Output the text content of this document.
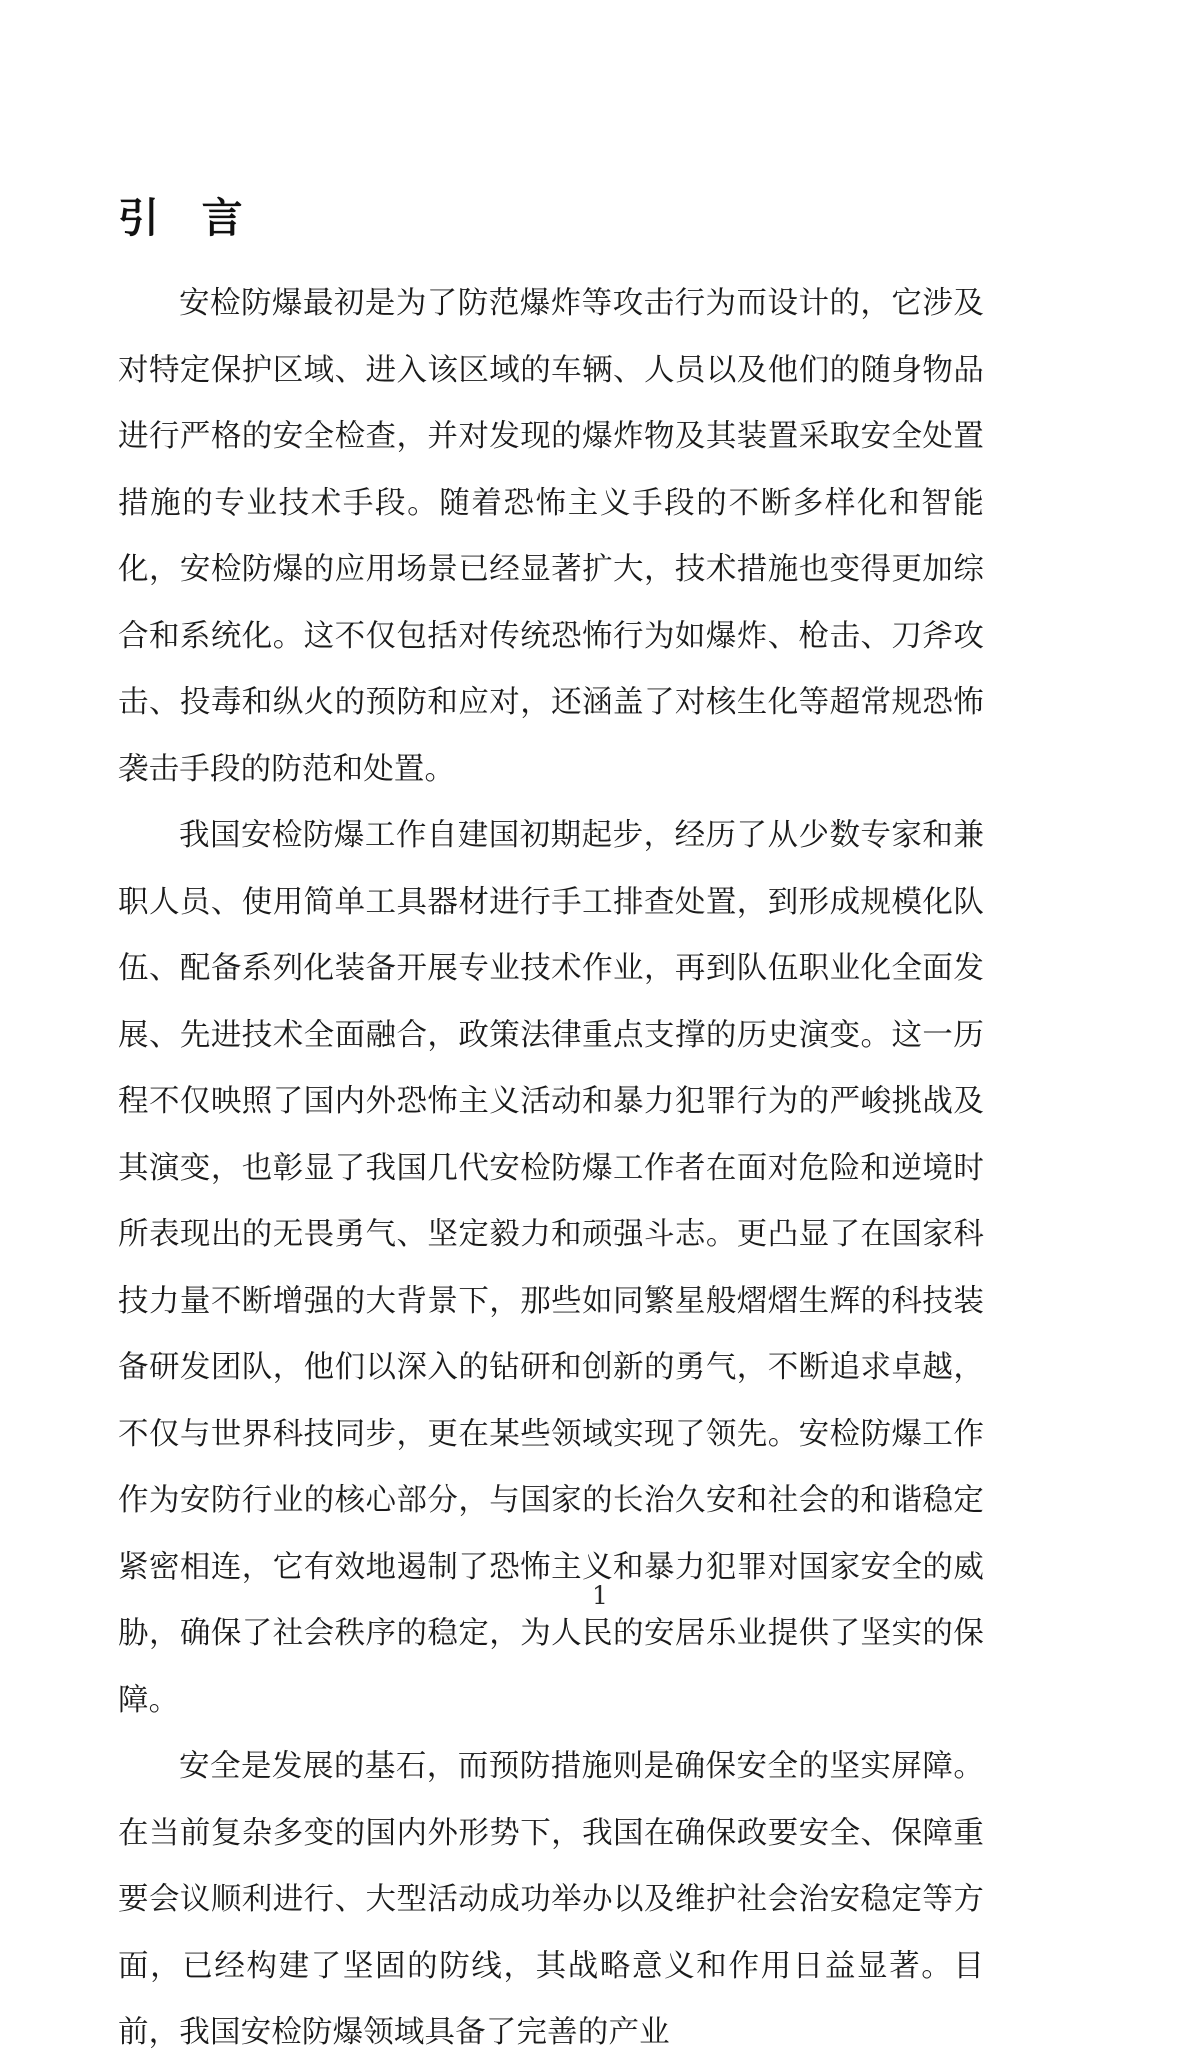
引　言

安检防爆最初是为了防范爆炸等攻击行为而设计的，它涉及对特定保护区域、进入该区域的车辆、人员以及他们的随身物品进行严格的安全检查，并对发现的爆炸物及其装置采取安全处置措施的专业技术手段。随着恐怖主义手段的不断多样化和智能化，安检防爆的应用场景已经显著扩大，技术措施也变得更加综合和系统化。这不仅包括对传统恐怖行为如爆炸、枪击、刀斧攻击、投毒和纵火的预防和应对，还涵盖了对核生化等超常规恐怖袭击手段的防范和处置。

我国安检防爆工作自建国初期起步，经历了从少数专家和兼职人员、使用简单工具器材进行手工排查处置，到形成规模化队伍、配备系列化装备开展专业技术作业，再到队伍职业化全面发展、先进技术全面融合，政策法律重点支撑的历史演变。这一历程不仅映照了国内外恐怖主义活动和暴力犯罪行为的严峻挑战及其演变，也彰显了我国几代安检防爆工作者在面对危险和逆境时所表现出的无畏勇气、坚定毅力和顽强斗志。更凸显了在国家科技力量不断增强的大背景下，那些如同繁星般熠熠生辉的科技装备研发团队，他们以深入的钻研和创新的勇气，不断追求卓越，不仅与世界科技同步，更在某些领域实现了领先。安检防爆工作作为安防行业的核心部分，与国家的长治久安和社会的和谐稳定紧密相连，它有效地遏制了恐怖主义和暴力犯罪对国家安全的威胁，确保了社会秩序的稳定，为人民的安居乐业提供了坚实的保障。

安全是发展的基石，而预防措施则是确保安全的坚实屏障。在当前复杂多变的国内外形势下，我国在确保政要安全、保障重要会议顺利进行、大型活动成功举办以及维护社会治安稳定等方面，已经构建了坚固的防线，其战略意义和作用日益显著。目前，我国安检防爆领域具备了完善的产业

1
